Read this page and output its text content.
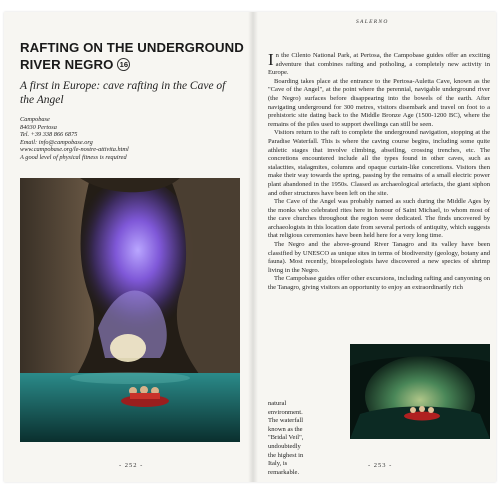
RAFTING ON THE UNDERGROUND RIVER NEGRO 16
A first in Europe: cave rafting in the Cave of the Angel
Campobase
84030 Pertosa
Tel. +39 338 866 6875
Email: info@campobase.org
www.campobase.org/le-nostre-attivita.html
A good level of physical fitness is required
- 252 -
SALERNO

In the Cilento National Park, at Pertosa, the Campobase guides offer an exciting adventure that combines rafting and potholing, a completely new activity in Europe.

Boarding takes place at the entrance to the Pertosa-Auletta Cave, known as the "Cave of the Angel", at the point where the perennial, navigable underground river (the Negro) surfaces before disappearing into the bowels of the earth. After navigating underground for 300 metres, visitors disembark and travel on foot to a prehistoric site dating back to the Middle Bronze Age (1500-1200 BC), where the remains of the piles used to support dwellings can still be seen.

Visitors return to the raft to complete the underground navigation, stopping at the Paradise Waterfall. This is where the caving course begins, including some quite athletic stages that involve climbing, abseiling, crossing trenches, etc. The concretions encountered include all the types found in other caves, such as stalactites, stalagmites, columns and opaque curtain-like concretions. Visitors then make their way towards the spring, passing by the remains of a small electric power plant abandoned in the 1950s. Classed as archaeological artefacts, the giant siphon and other structures have been left on the site.

The Cave of the Angel was probably named as such during the Middle Ages by the monks who celebrated rites here in honour of Saint Michael, to whom most of the cave churches throughout the region were dedicated. The finds uncovered by archaeologists in this location date from several periods of antiquity, which suggests that religious ceremonies have been held here for a very long time.

The Negro and the above-ground River Tanagro and its valley have been classified by UNESCO as unique sites in terms of biodiversity (geology, botany and fauna). Most recently, biospeleologists have discovered a new species of shrimp living in the Negro.

The Campobase guides offer other excursions, including rafting and canyoning on the Tanagro, giving visitors an opportunity to enjoy an extraordinarily rich

natural environment. The waterfall known as the "Bridal Veil", undoubtedly the highest in Italy, is remarkable.
- 253 -
